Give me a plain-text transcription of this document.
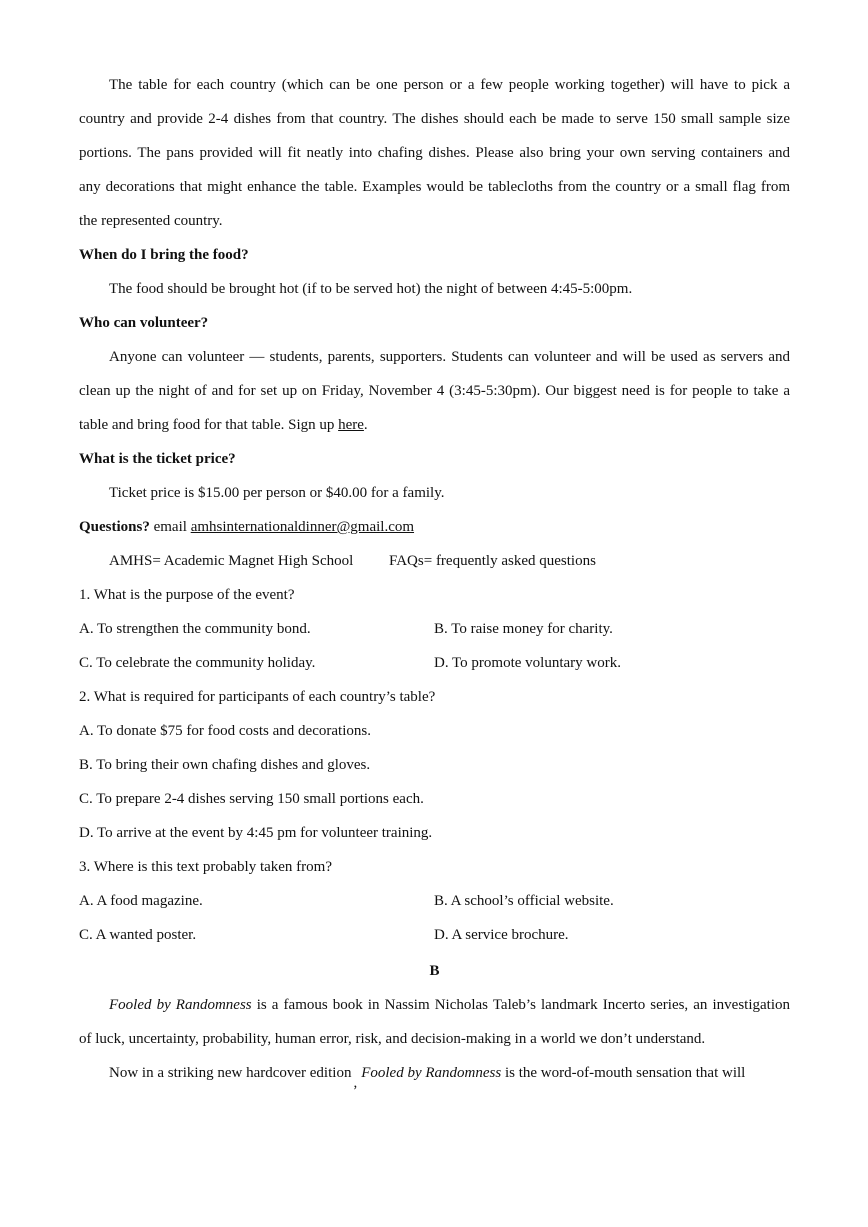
The table for each country (which can be one person or a few people working together) will have to pick a
country and provide 2-4 dishes from that country. The dishes should each be made to serve 150 small sample size
portions. The pans provided will fit neatly into chafing dishes. Please also bring your own serving containers and
any decorations that might enhance the table. Examples would be tablecloths from the country or a small flag from
the represented country.
When do I bring the food?
The food should be brought hot (if to be served hot) the night of between 4:45-5:00pm.
Who can volunteer?
Anyone can volunteer — students, parents, supporters. Students can volunteer and will be used as servers and
clean up the night of and for set up on Friday, November 4 (3:45-5:30pm). Our biggest need is for people to take a
table and bring food for that table. Sign up here.
What is the ticket price?
Ticket price is $15.00 per person or $40.00 for a family.
Questions? email amhsinternationaldinner@gmail.com
AMHS= Academic Magnet High School FAQs= frequently asked questions
1. What is the purpose of the event?
A. To strengthen the community bond.	B. To raise money for charity.
C. To celebrate the community holiday.	D. To promote voluntary work.
2. What is required for participants of each country’s table?
A. To donate $75 for food costs and decorations.
B. To bring their own chafing dishes and gloves.
C. To prepare 2-4 dishes serving 150 small portions each.
D. To arrive at the event by 4:45 pm for volunteer training.
3. Where is this text probably taken from?
A. A food magazine.	B. A school’s official website.
C. A wanted poster.	D. A service brochure.
B
Fooled by Randomness is a famous book in Nassim Nicholas Taleb’s landmark Incerto series, an investigation
of luck, uncertainty, probability, human error, risk, and decision-making in a world we don’t understand.
Now in a striking new hardcover edition,Fooled by Randomness is the word-of-mouth sensation that will
